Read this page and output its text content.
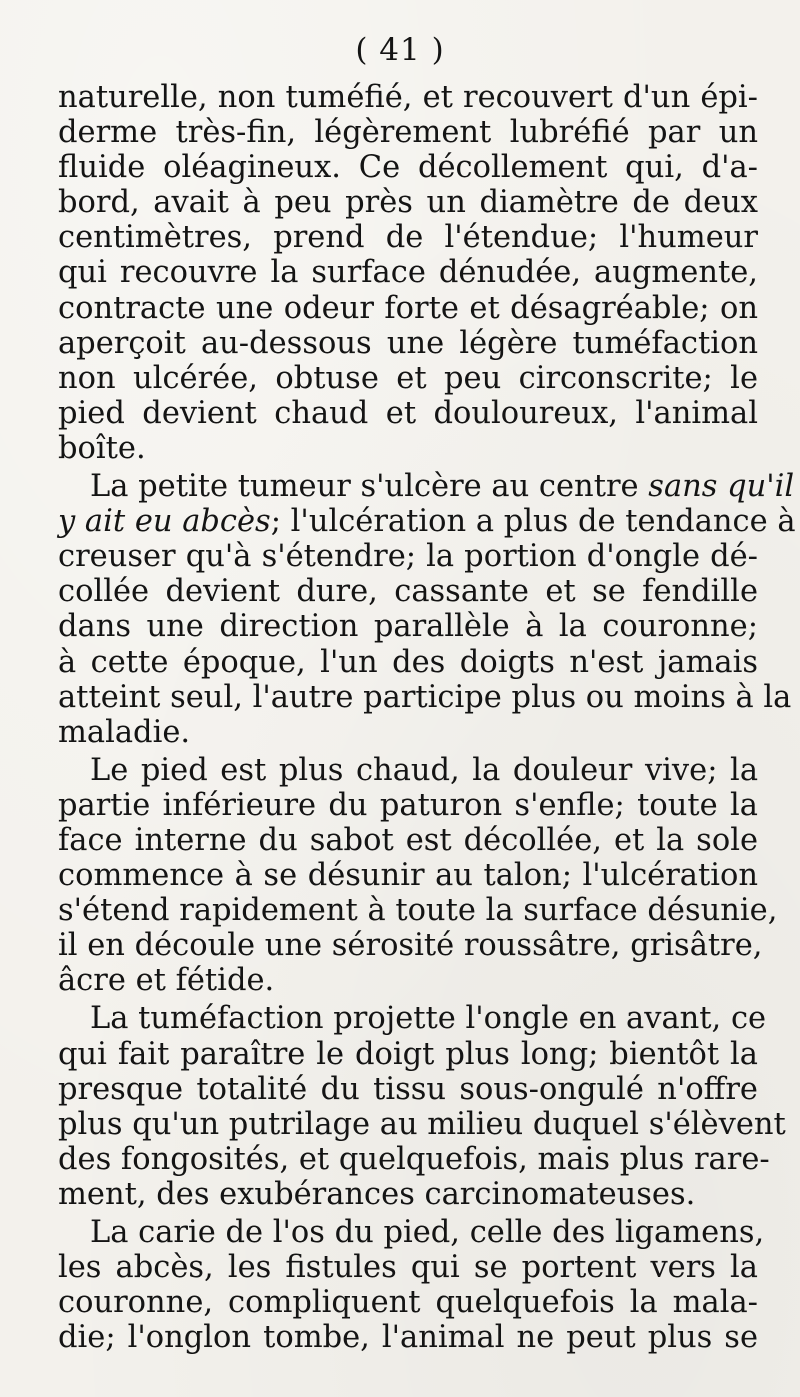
( 41 )
naturelle, non tuméfié, et recouvert d'un épi-
derme très-fin, légèrement lubréfié par un
fluide oléagineux. Ce décollement qui, d'a-
bord, avait à peu près un diamètre de deux
centimètres, prend de l'étendue; l'humeur
qui recouvre la surface dénudée, augmente,
contracte une odeur forte et désagréable; on
aperçoit au-dessous une légère tuméfaction
non ulcérée, obtuse et peu circonscrite; le
pied devient chaud et douloureux, l'animal
boîte.
La petite tumeur s'ulcère au centre sans qu'il
y ait eu abcès; l'ulcération a plus de tendance à
creuser qu'à s'étendre; la portion d'ongle dé-
collée devient dure, cassante et se fendille
dans une direction parallèle à la couronne;
à cette époque, l'un des doigts n'est jamais
atteint seul, l'autre participe plus ou moins à la
maladie.
Le pied est plus chaud, la douleur vive; la
partie inférieure du paturon s'enfle; toute la
face interne du sabot est décollée, et la sole
commence à se désunir au talon; l'ulcération
s'étend rapidement à toute la surface désunie,
il en découle une sérosité roussâtre, grisâtre,
âcre et fétide.
La tuméfaction projette l'ongle en avant, ce
qui fait paraître le doigt plus long; bientôt la
presque totalité du tissu sous-ongulé n'offre
plus qu'un putrilage au milieu duquel s'élèvent
des fongosités, et quelquefois, mais plus rare-
ment, des exubérances carcinomateuses.
La carie de l'os du pied, celle des ligamens,
les abcès, les fistules qui se portent vers la
couronne, compliquent quelquefois la mala-
die; l'onglon tombe, l'animal ne peut plus se
